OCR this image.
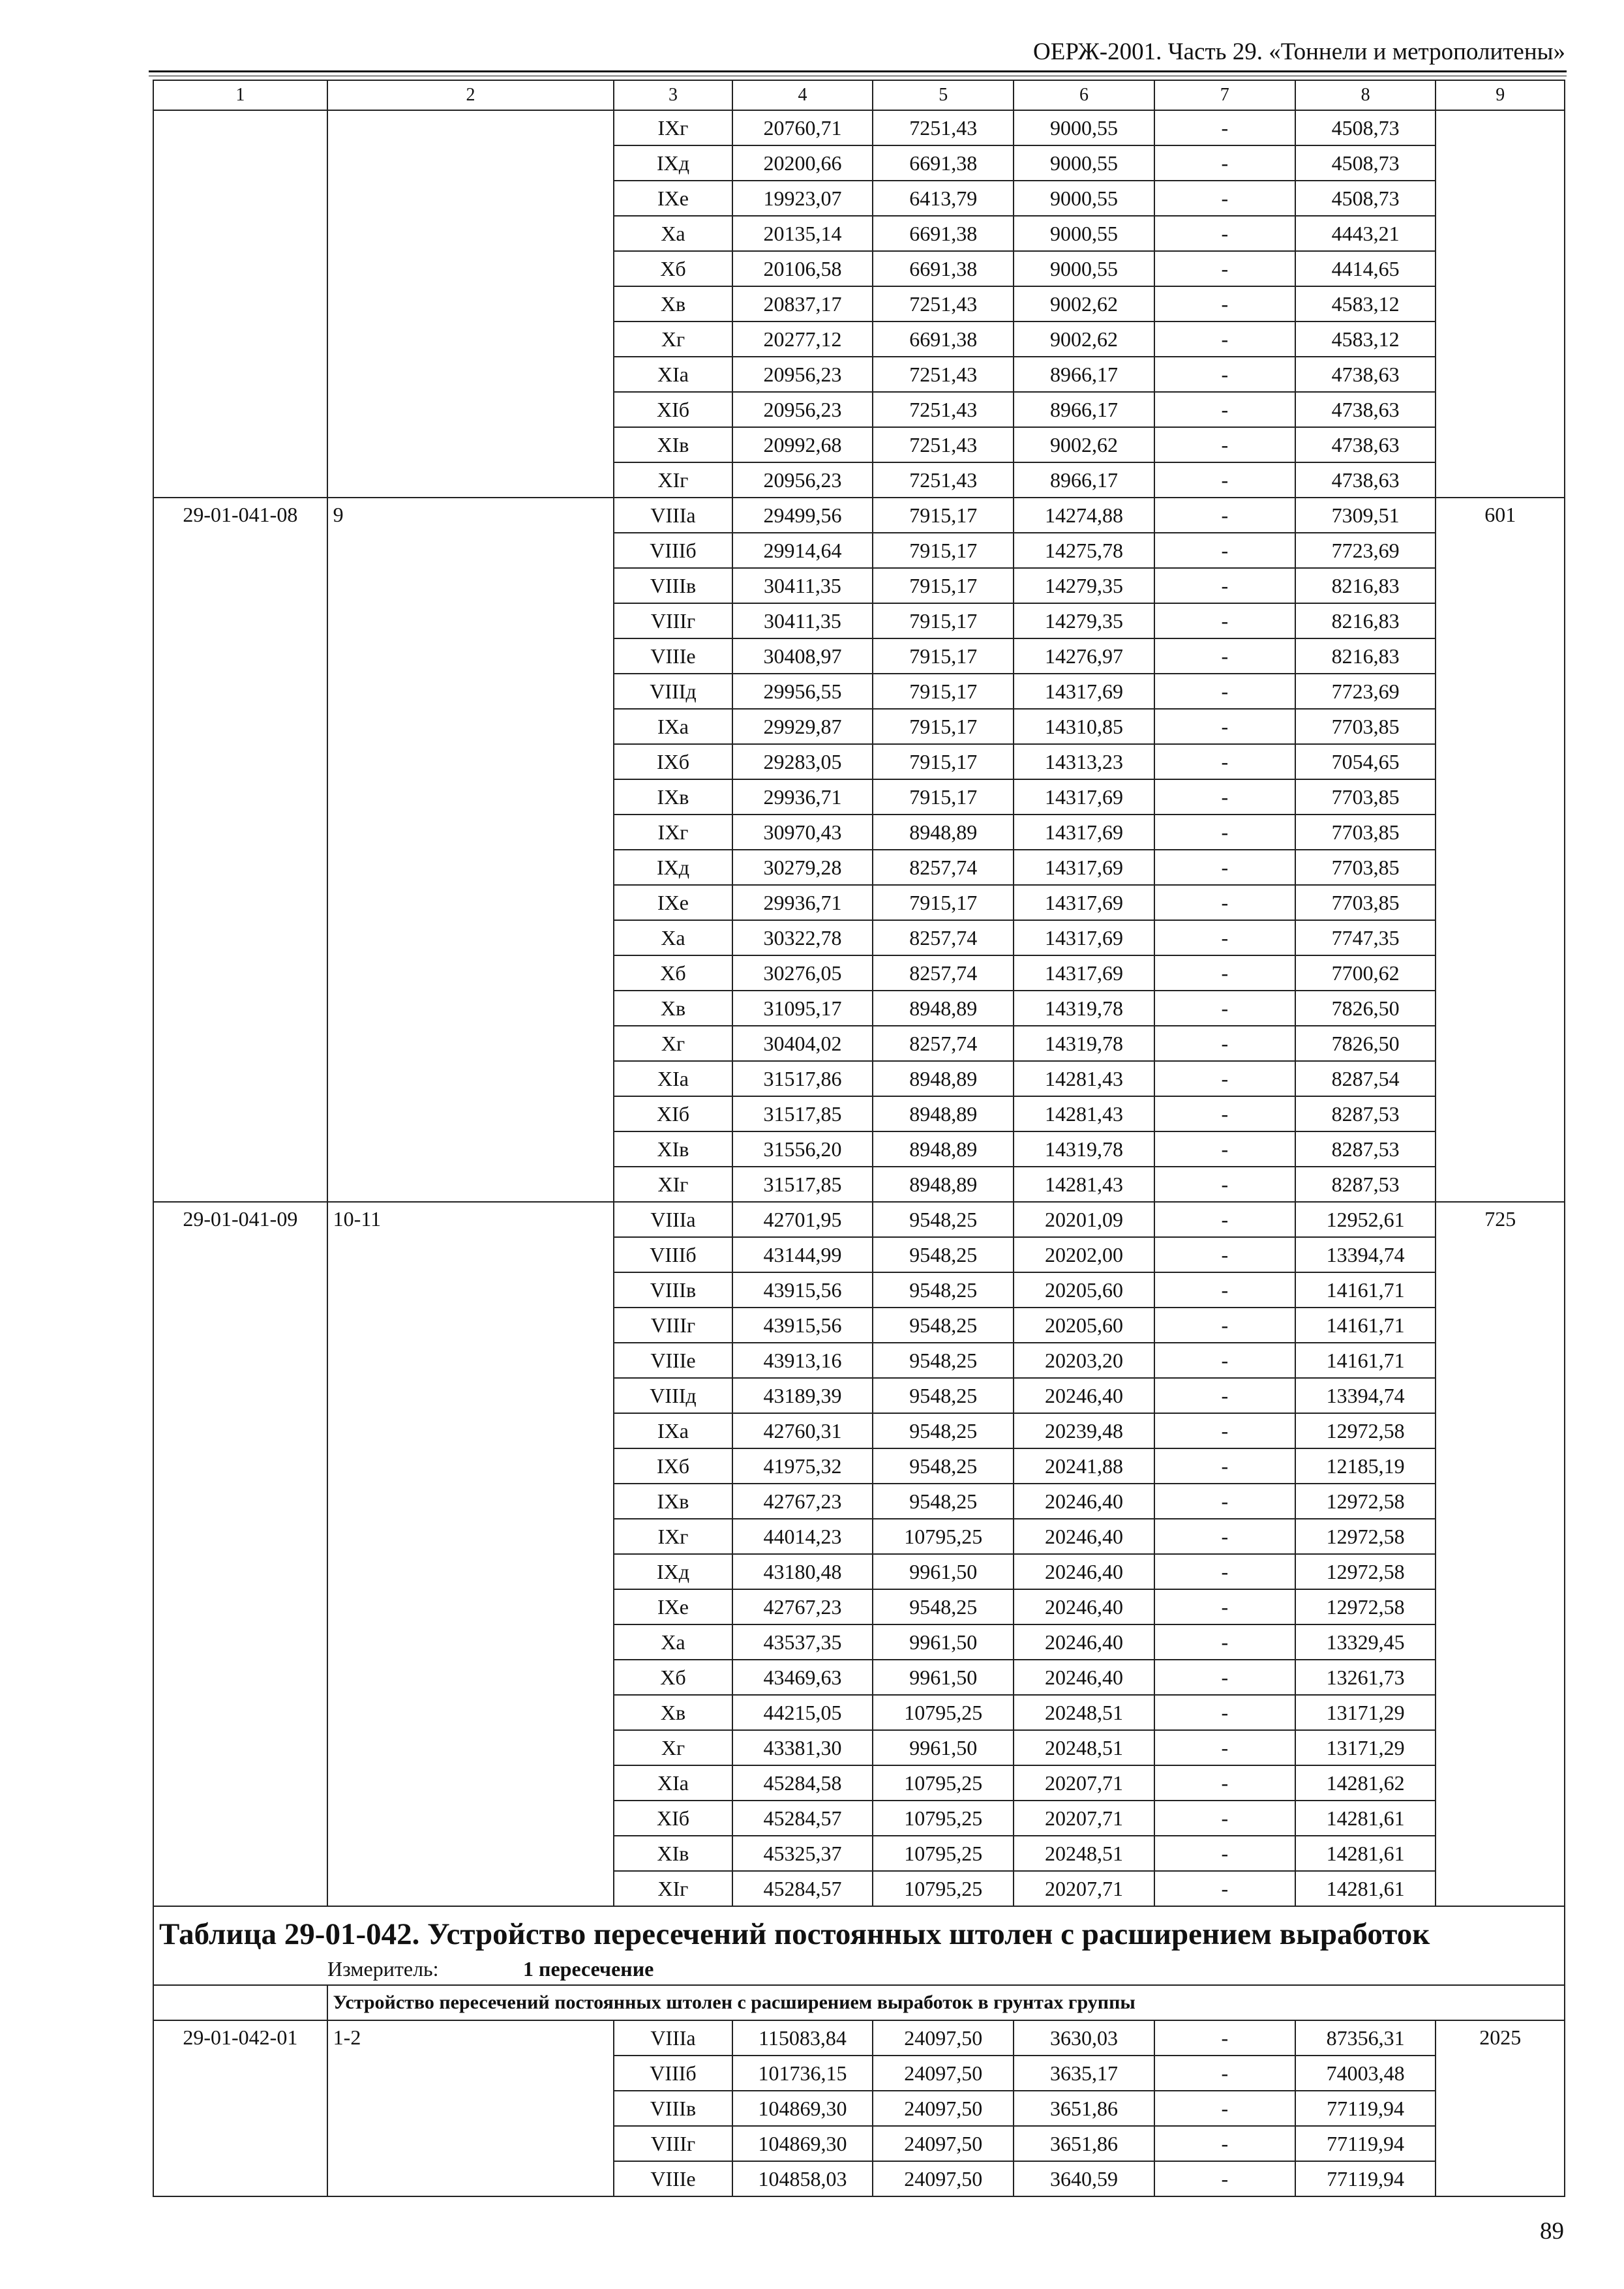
ОЕРЖ-2001. Часть 29. «Тоннели и метрополитены»
1	2	3	4	5	6	7	8	9
		IXг	20760,71	7251,43	9000,55	-	4508,73	
		IXд	20200,66	6691,38	9000,55	-	4508,73	
		IXе	19923,07	6413,79	9000,55	-	4508,73	
		Xа	20135,14	6691,38	9000,55	-	4443,21	
		Xб	20106,58	6691,38	9000,55	-	4414,65	
		Xв	20837,17	7251,43	9002,62	-	4583,12	
		Xг	20277,12	6691,38	9002,62	-	4583,12	
		XIа	20956,23	7251,43	8966,17	-	4738,63	
		XIб	20956,23	7251,43	8966,17	-	4738,63	
		XIв	20992,68	7251,43	9002,62	-	4738,63	
		XIг	20956,23	7251,43	8966,17	-	4738,63	
29-01-041-08	9	VIIIа	29499,56	7915,17	14274,88	-	7309,51	601
		VIIIб	29914,64	7915,17	14275,78	-	7723,69	
		VIIIв	30411,35	7915,17	14279,35	-	8216,83	
		VIIIг	30411,35	7915,17	14279,35	-	8216,83	
		VIIIе	30408,97	7915,17	14276,97	-	8216,83	
		VIIIд	29956,55	7915,17	14317,69	-	7723,69	
		IXа	29929,87	7915,17	14310,85	-	7703,85	
		IXб	29283,05	7915,17	14313,23	-	7054,65	
		IXв	29936,71	7915,17	14317,69	-	7703,85	
		IXг	30970,43	8948,89	14317,69	-	7703,85	
		IXд	30279,28	8257,74	14317,69	-	7703,85	
		IXе	29936,71	7915,17	14317,69	-	7703,85	
		Xа	30322,78	8257,74	14317,69	-	7747,35	
		Xб	30276,05	8257,74	14317,69	-	7700,62	
		Xв	31095,17	8948,89	14319,78	-	7826,50	
		Xг	30404,02	8257,74	14319,78	-	7826,50	
		XIа	31517,86	8948,89	14281,43	-	8287,54	
		XIб	31517,85	8948,89	14281,43	-	8287,53	
		XIв	31556,20	8948,89	14319,78	-	8287,53	
		XIг	31517,85	8948,89	14281,43	-	8287,53	
29-01-041-09	10-11	VIIIа	42701,95	9548,25	20201,09	-	12952,61	725
		VIIIб	43144,99	9548,25	20202,00	-	13394,74	
		VIIIв	43915,56	9548,25	20205,60	-	14161,71	
		VIIIг	43915,56	9548,25	20205,60	-	14161,71	
		VIIIе	43913,16	9548,25	20203,20	-	14161,71	
		VIIIд	43189,39	9548,25	20246,40	-	13394,74	
		IXа	42760,31	9548,25	20239,48	-	12972,58	
		IXб	41975,32	9548,25	20241,88	-	12185,19	
		IXв	42767,23	9548,25	20246,40	-	12972,58	
		IXг	44014,23	10795,25	20246,40	-	12972,58	
		IXд	43180,48	9961,50	20246,40	-	12972,58	
		IXе	42767,23	9548,25	20246,40	-	12972,58	
		Xа	43537,35	9961,50	20246,40	-	13329,45	
		Xб	43469,63	9961,50	20246,40	-	13261,73	
		Xв	44215,05	10795,25	20248,51	-	13171,29	
		Xг	43381,30	9961,50	20248,51	-	13171,29	
		XIа	45284,58	10795,25	20207,71	-	14281,62	
		XIб	45284,57	10795,25	20207,71	-	14281,61	
		XIв	45325,37	10795,25	20248,51	-	14281,61	
		XIг	45284,57	10795,25	20207,71	-	14281,61	

Таблица 29-01-042. Устройство пересечений постоянных штолен с расширением выработок
Измеритель: 1 пересечение								

	Устройство пересечений постоянных штолен с расширением выработок в грунтах группы							
29-01-042-01	1-2	VIIIа	115083,84	24097,50	3630,03	-	87356,31	2025
		VIIIб	101736,15	24097,50	3635,17	-	74003,48	
		VIIIв	104869,30	24097,50	3651,86	-	77119,94	
		VIIIг	104869,30	24097,50	3651,86	-	77119,94	
		VIIIе	104858,03	24097,50	3640,59	-	77119,94	
89
